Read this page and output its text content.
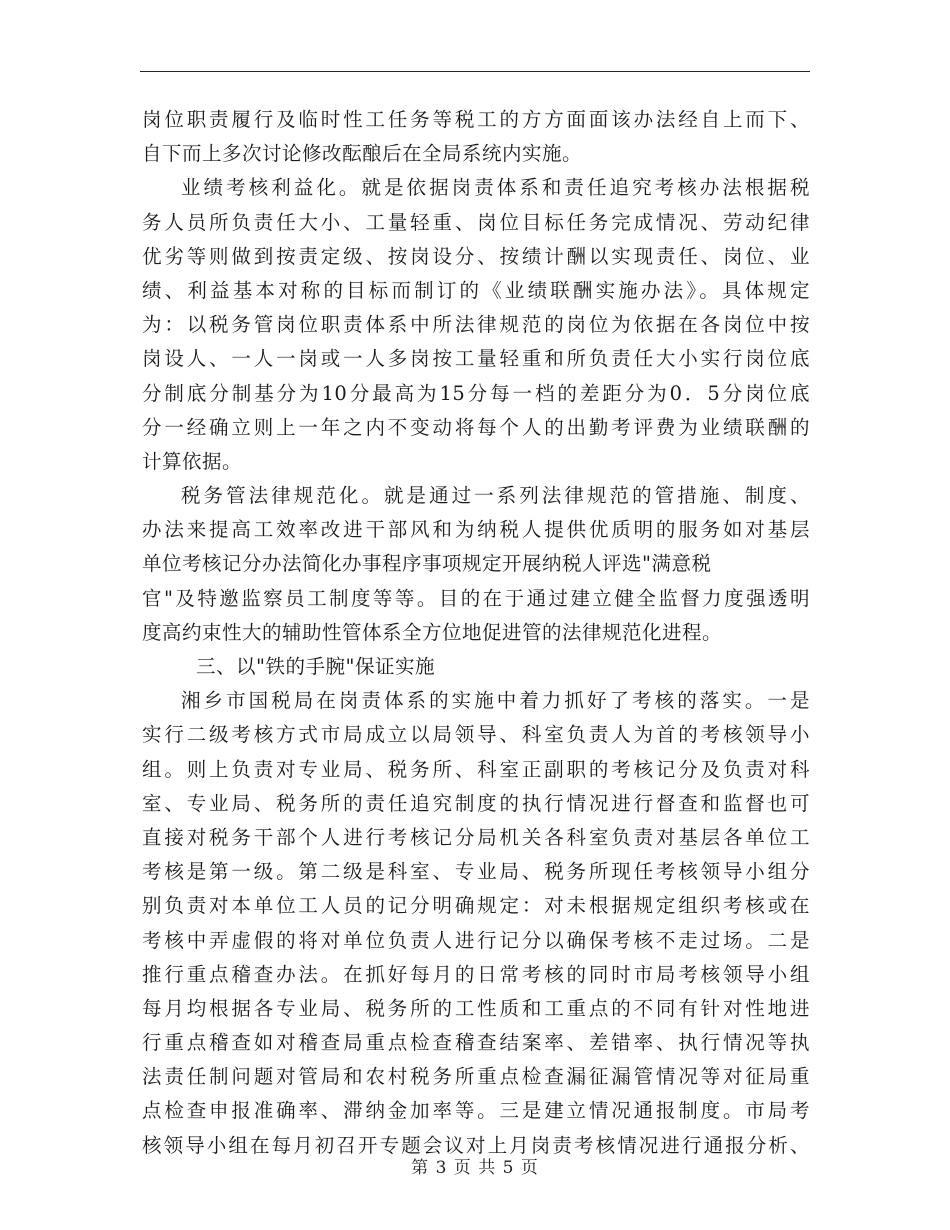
岗位职责履行及临时性工任务等税工的方方面面该办法经自上而下、
自下而上多次讨论修改酝酿后在全局系统内实施。
业绩考核利益化。就是依据岗责体系和责任追究考核办法根据税
务人员所负责任大小、工量轻重、岗位目标任务完成情况、劳动纪律
优劣等则做到按责定级、按岗设分、按绩计酬以实现责任、岗位、业
绩、利益基本对称的目标而制订的《业绩联酬实施办法》。具体规定
为：以税务管岗位职责体系中所法律规范的岗位为依据在各岗位中按
岗设人、一人一岗或一人多岗按工量轻重和所负责任大小实行岗位底
分制底分制基分为10分最高为15分每一档的差距分为0．5分岗位底
分一经确立则上一年之内不变动将每个人的出勤考评费为业绩联酬的
计算依据。
税务管法律规范化。就是通过一系列法律规范的管措施、制度、
办法来提高工效率改进干部风和为纳税人提供优质明的服务如对基层
单位考核记分办法简化办事程序事项规定开展纳税人评选"满意税
官"及特邀监察员工制度等等。目的在于通过建立健全监督力度强透明
度高约束性大的辅助性管体系全方位地促进管的法律规范化进程。
三、以"铁的手腕"保证实施
湘乡市国税局在岗责体系的实施中着力抓好了考核的落实。一是
实行二级考核方式市局成立以局领导、科室负责人为首的考核领导小
组。则上负责对专业局、税务所、科室正副职的考核记分及负责对科
室、专业局、税务所的责任追究制度的执行情况进行督查和监督也可
直接对税务干部个人进行考核记分局机关各科室负责对基层各单位工
考核是第一级。第二级是科室、专业局、税务所现任考核领导小组分
别负责对本单位工人员的记分明确规定：对未根据规定组织考核或在
考核中弄虚假的将对单位负责人进行记分以确保考核不走过场。二是
推行重点稽查办法。在抓好每月的日常考核的同时市局考核领导小组
每月均根据各专业局、税务所的工性质和工重点的不同有针对性地进
行重点稽查如对稽查局重点检查稽查结案率、差错率、执行情况等执
法责任制问题对管局和农村税务所重点检查漏征漏管情况等对征局重
点检查申报准确率、滞纳金加率等。三是建立情况通报制度。市局考
核领导小组在每月初召开专题会议对上月岗责考核情况进行通报分析、
第 3 页 共 5 页
